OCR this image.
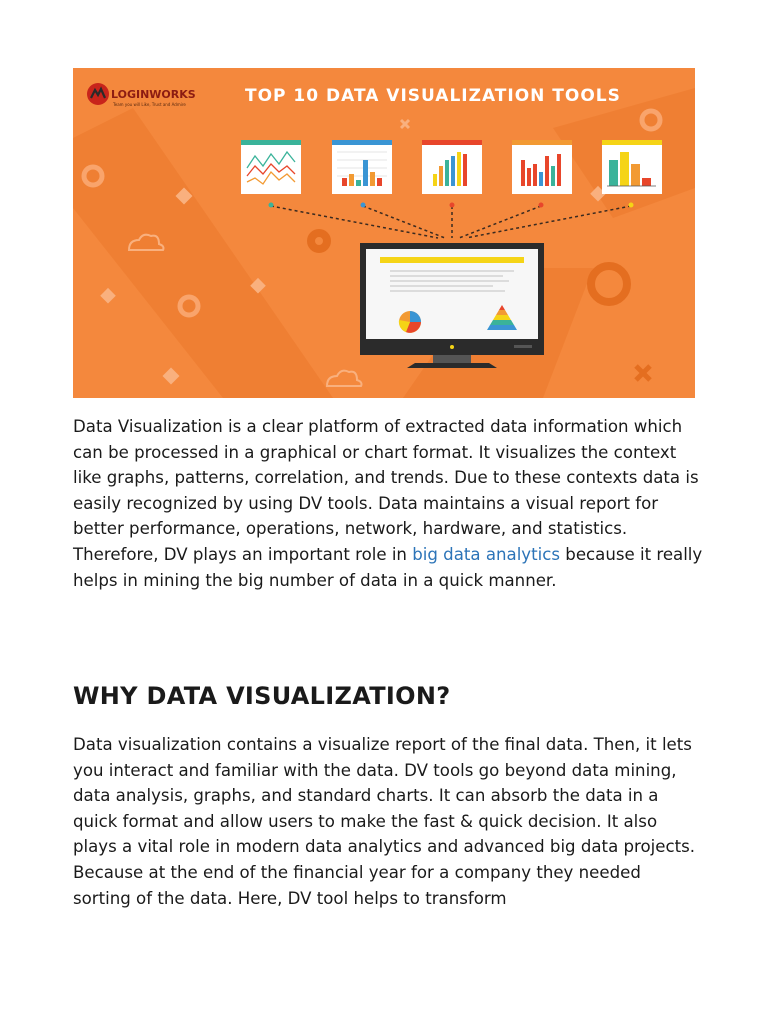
LOGINWORKS
Team you will Like, Trust and Admire	TOP 10 DATA VISUALIZATION TOOLS

Data Visualization is a clear platform of extracted data information which can be processed in a graphical or chart format. It visualizes the context like graphs, patterns, correlation, and trends. Due to these contexts data is easily recognized by using DV tools. Data maintains a visual report for better performance, operations, network, hardware, and statistics. Therefore, DV plays an important role in big data analytics because it really helps in mining the big number of data in a quick manner.

WHY DATA VISUALIZATION?

Data visualization contains a visualize report of the final data. Then, it lets you interact and familiar with the data. DV tools go beyond data mining, data analysis, graphs, and standard charts. It can absorb the data in a quick format and allow users to make the fast & quick decision. It also plays a vital role in modern data analytics and advanced big data projects. Because at the end of the financial year for a company they needed sorting of the data. Here, DV tool helps to transform
